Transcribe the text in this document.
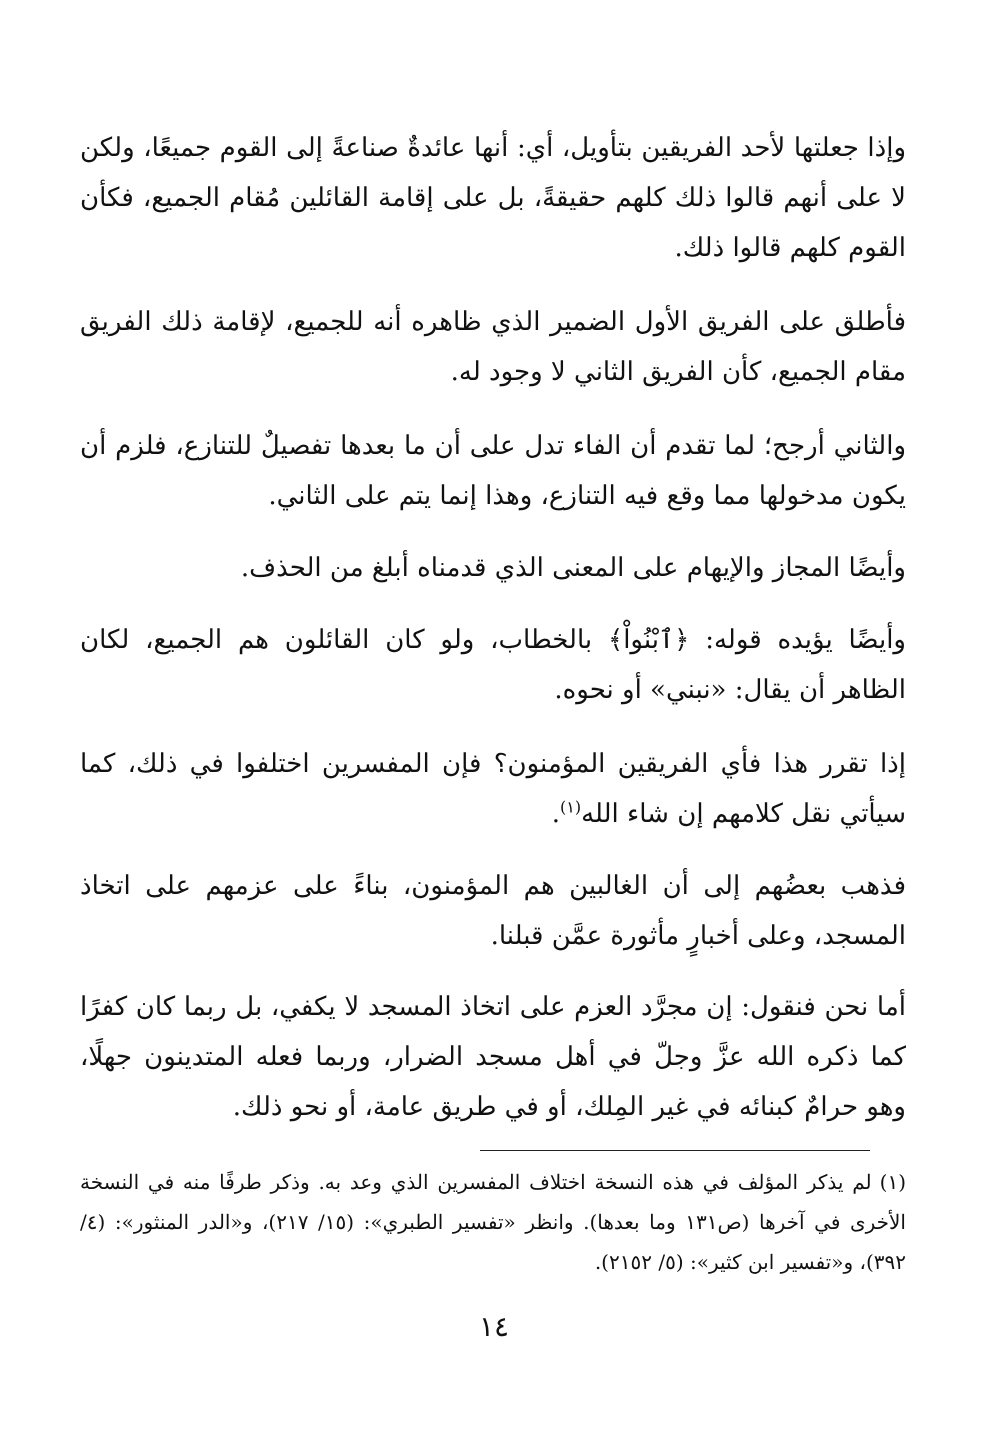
وإذا جعلتها لأحد الفريقين بتأويل، أي: أنها عائدةٌ صناعةً إلى القوم جميعًا، ولكن لا على أنهم قالوا ذلك كلهم حقيقةً، بل على إقامة القائلين مُقام الجميع، فكأن القوم كلهم قالوا ذلك.
فأطلق على الفريق الأول الضمير الذي ظاهره أنه للجميع، لإقامة ذلك الفريق مقام الجميع، كأن الفريق الثاني لا وجود له.
والثاني أرجح؛ لما تقدم أن الفاء تدل على أن ما بعدها تفصيلٌ للتنازع، فلزم أن يكون مدخولها مما وقع فيه التنازع، وهذا إنما يتم على الثاني.
وأيضًا المجاز والإيهام على المعنى الذي قدمناه أبلغ من الحذف.
وأيضًا يؤيده قوله: ﴿ٱبْنُواْ﴾ بالخطاب، ولو كان القائلون هم الجميع، لكان الظاهر أن يقال: «نبني» أو نحوه.
إذا تقرر هذا فأي الفريقين المؤمنون؟ فإن المفسرين اختلفوا في ذلك، كما سيأتي نقل كلامهم إن شاء الله$^{(١)}$.
فذهب بعضُهم إلى أن الغالبين هم المؤمنون، بناءً على عزمهم على اتخاذ المسجد، وعلى أخبارٍ مأثورة عمَّن قبلنا.
أما نحن فنقول: إن مجرَّد العزم على اتخاذ المسجد لا يكفي، بل ربما كان كفرًا كما ذكره الله عزَّ وجلّ في أهل مسجد الضرار، وربما فعله المتدينون جهلًا، وهو حرامٌ كبنائه في غير المِلك، أو في طريق عامة، أو نحو ذلك.
(١)لم يذكر المؤلف في هذه النسخة اختلاف المفسرين الذي وعد به. وذكر طرفًا منه في النسخة الأخرى في آخرها (ص١٣١ وما بعدها). وانظر «تفسير الطبري»: (١٥/ ٢١٧)، و«الدر المنثور»: (٤/ ٣٩٢)، و«تفسير ابن كثير»: (٥/ ٢١٥٢).
١٤
